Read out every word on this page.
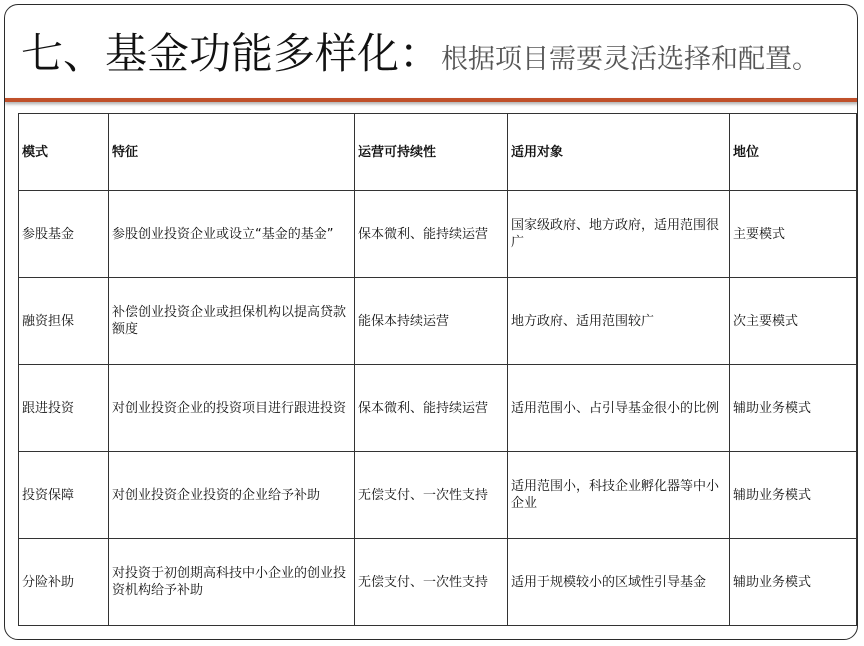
七、基金功能多样化：根据项目需要灵活选择和配置。
模式	特征	运营可持续性	适用对象	地位
参股基金	参股创业投资企业或设立“基金的基金”	保本微利、能持续运营	国家级政府、地方政府，适用范围很广	主要模式
融资担保	补偿创业投资企业或担保机构以提高贷款额度	能保本持续运营	地方政府、适用范围较广	次主要模式
跟进投资	对创业投资企业的投资项目进行跟进投资	保本微利、能持续运营	适用范围小、占引导基金很小的比例	辅助业务模式
投资保障	对创业投资企业投资的企业给予补助	无偿支付、一次性支持	适用范围小，科技企业孵化器等中小企业	辅助业务模式
分险补助	对投资于初创期高科技中小企业的创业投资机构给予补助	无偿支付、一次性支持	适用于规模较小的区域性引导基金	辅助业务模式
